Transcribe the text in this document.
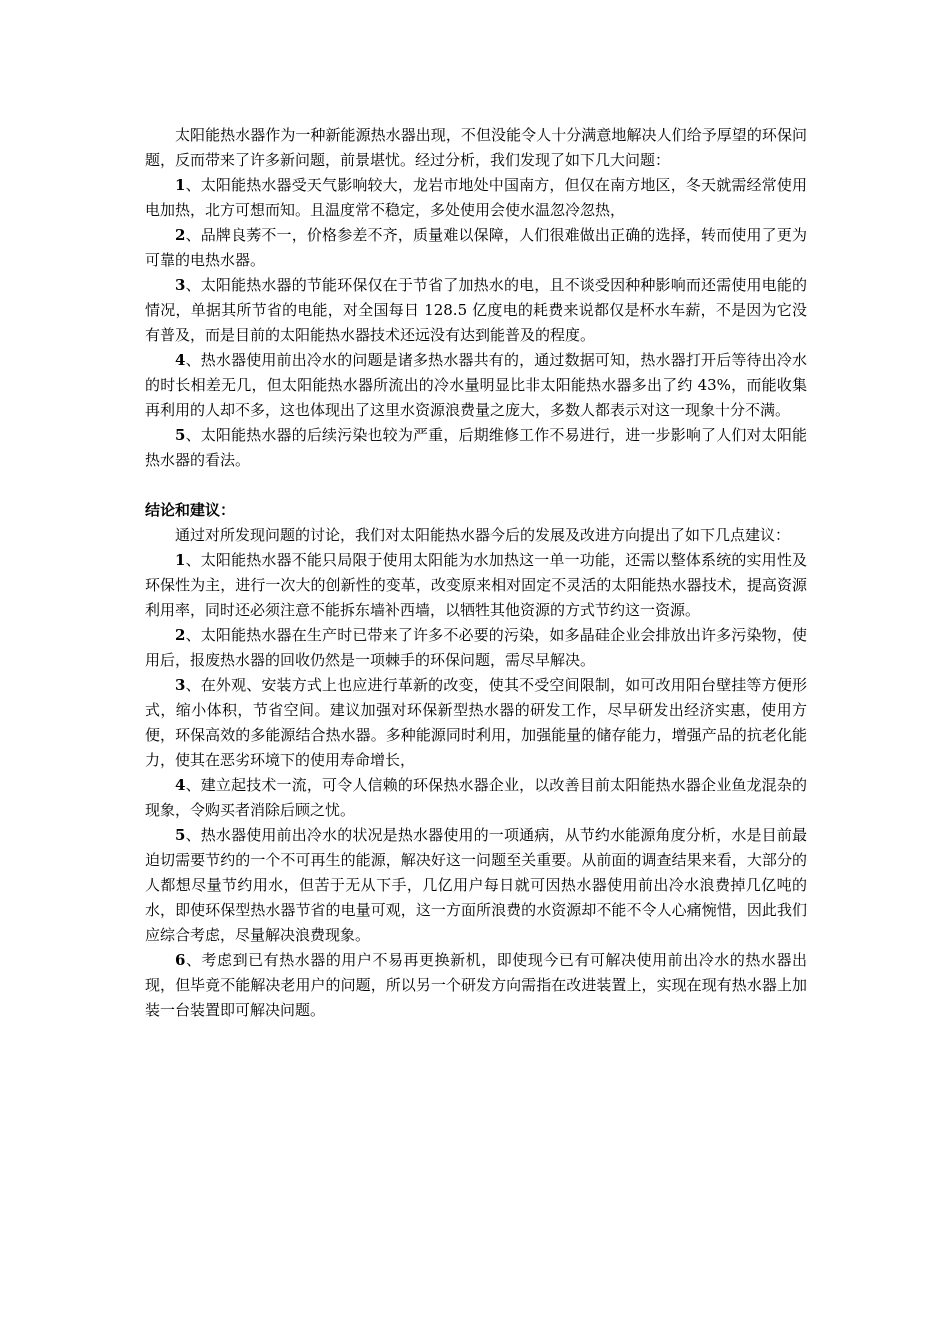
太阳能热水器作为一种新能源热水器出现，不但没能令人十分满意地解决人们给予厚望的环保问题，反而带来了许多新问题，前景堪忧。经过分析，我们发现了如下几大问题：

1、太阳能热水器受天气影响较大，龙岩市地处中国南方，但仅在南方地区，冬天就需经常使用电加热，北方可想而知。且温度常不稳定，多处使用会使水温忽冷忽热，

2、品牌良莠不一，价格参差不齐，质量难以保障，人们很难做出正确的选择，转而使用了更为可靠的电热水器。

3、太阳能热水器的节能环保仅在于节省了加热水的电，且不谈受因种种影响而还需使用电能的情况，单据其所节省的电能，对全国每日 128.5 亿度电的耗费来说都仅是杯水车薪，不是因为它没有普及，而是目前的太阳能热水器技术还远没有达到能普及的程度。

4、热水器使用前出冷水的问题是诸多热水器共有的，通过数据可知，热水器打开后等待出冷水的时长相差无几，但太阳能热水器所流出的冷水量明显比非太阳能热水器多出了约 43%，而能收集再利用的人却不多，这也体现出了这里水资源浪费量之庞大，多数人都表示对这一现象十分不满。

5、太阳能热水器的后续污染也较为严重，后期维修工作不易进行，进一步影响了人们对太阳能热水器的看法。

结论和建议：

通过对所发现问题的讨论，我们对太阳能热水器今后的发展及改进方向提出了如下几点建议：

1、太阳能热水器不能只局限于使用太阳能为水加热这一单一功能，还需以整体系统的实用性及环保性为主，进行一次大的创新性的变革，改变原来相对固定不灵活的太阳能热水器技术，提高资源利用率，同时还必须注意不能拆东墙补西墙，以牺牲其他资源的方式节约这一资源。

2、太阳能热水器在生产时已带来了许多不必要的污染，如多晶硅企业会排放出许多污染物，使用后，报废热水器的回收仍然是一项棘手的环保问题，需尽早解决。

3、在外观、安装方式上也应进行革新的改变，使其不受空间限制，如可改用阳台壁挂等方便形式，缩小体积，节省空间。建议加强对环保新型热水器的研发工作，尽早研发出经济实惠，使用方便，环保高效的多能源结合热水器。多种能源同时利用，加强能量的储存能力，增强产品的抗老化能力，使其在恶劣环境下的使用寿命增长，

4、建立起技术一流，可令人信赖的环保热水器企业，以改善目前太阳能热水器企业鱼龙混杂的现象，令购买者消除后顾之忧。

5、热水器使用前出冷水的状况是热水器使用的一项通病，从节约水能源角度分析，水是目前最迫切需要节约的一个不可再生的能源，解决好这一问题至关重要。从前面的调查结果来看，大部分的人都想尽量节约用水，但苦于无从下手，几亿用户每日就可因热水器使用前出冷水浪费掉几亿吨的水，即使环保型热水器节省的电量可观，这一方面所浪费的水资源却不能不令人心痛惋惜，因此我们应综合考虑，尽量解决浪费现象。

6、考虑到已有热水器的用户不易再更换新机，即使现今已有可解决使用前出冷水的热水器出现，但毕竟不能解决老用户的问题，所以另一个研发方向需指在改进装置上，实现在现有热水器上加装一台装置即可解决问题。
